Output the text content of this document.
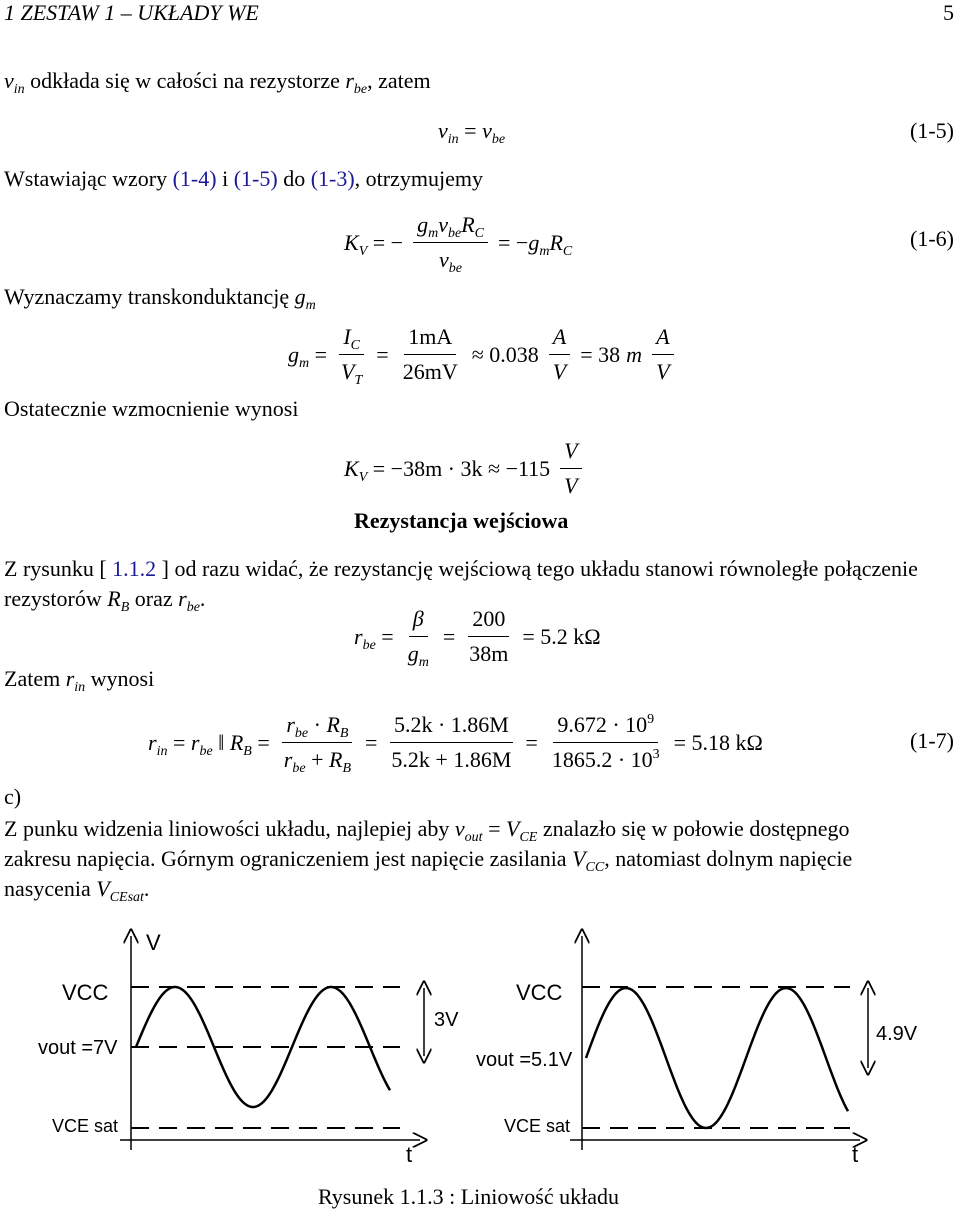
1 ZESTAW 1 – UKŁADY WE	5
$v_{in}$ odkłada się w całości na rezystorze $r_{be}$, zatem
$v_{in} = v_{be}$	(1-5)
Wstawiając wzory (1-4) i (1-5) do (1-3), otrzymujemy
$K_V$ = − $\frac{g_mv_{be}R_C}{v_{be}} = -g_mR_C$	(1-6)
Wyznaczamy transkonduktancję $g_m$
$g_m = \frac{I_C}{V_T} = \frac{1mA}{26mV} \approx 0.038 \frac{A}{V} = 38$ m $\frac{A}{V}$
Ostatecznie wzmocnienie wynosi
$K_V = -38m \cdot 3k \approx -115 \frac{V}{V}$
Rezystancja wejściowa
Z rysunku [ 1.1.2 ] od razu widać, że rezystancję wejściową tego układu stanowi równoległe połączenie
rezystorów $R_B$ oraz $r_{be}$.
$r_{be} = \frac{\beta}{g_m} = \frac{200}{38m} = 5.2$ kΩ
Zatem $r_{in}$ wynosi
$r_{in} = r_{be}$ ‖ $R_B = \frac{r_{be} \cdot R_B}{r_{be} + R_B} = \frac{5.2k \cdot 1.86M}{5.2k + 1.86M} = \frac{9.672 \cdot 10^9}{1865.2 \cdot 10^3} = 5.18$ kΩ	(1-7)
c)
Z punku widzenia liniowości układu, najlepiej aby $v_{out} = V_{CE}$ znalazło się w połowie dostępnego
zakresu napięcia. Górnym ograniczeniem jest napięcie zasilania $V_{CC}$, natomiast dolnym napięcie
nasycenia $V_{CEsat}$.
V
t
VCC
vout =7V
VCE sat
3V
t
VCC
vout =5.1V
VCE sat
4.9V
Rysunek 1.1.3 : Liniowość układu
